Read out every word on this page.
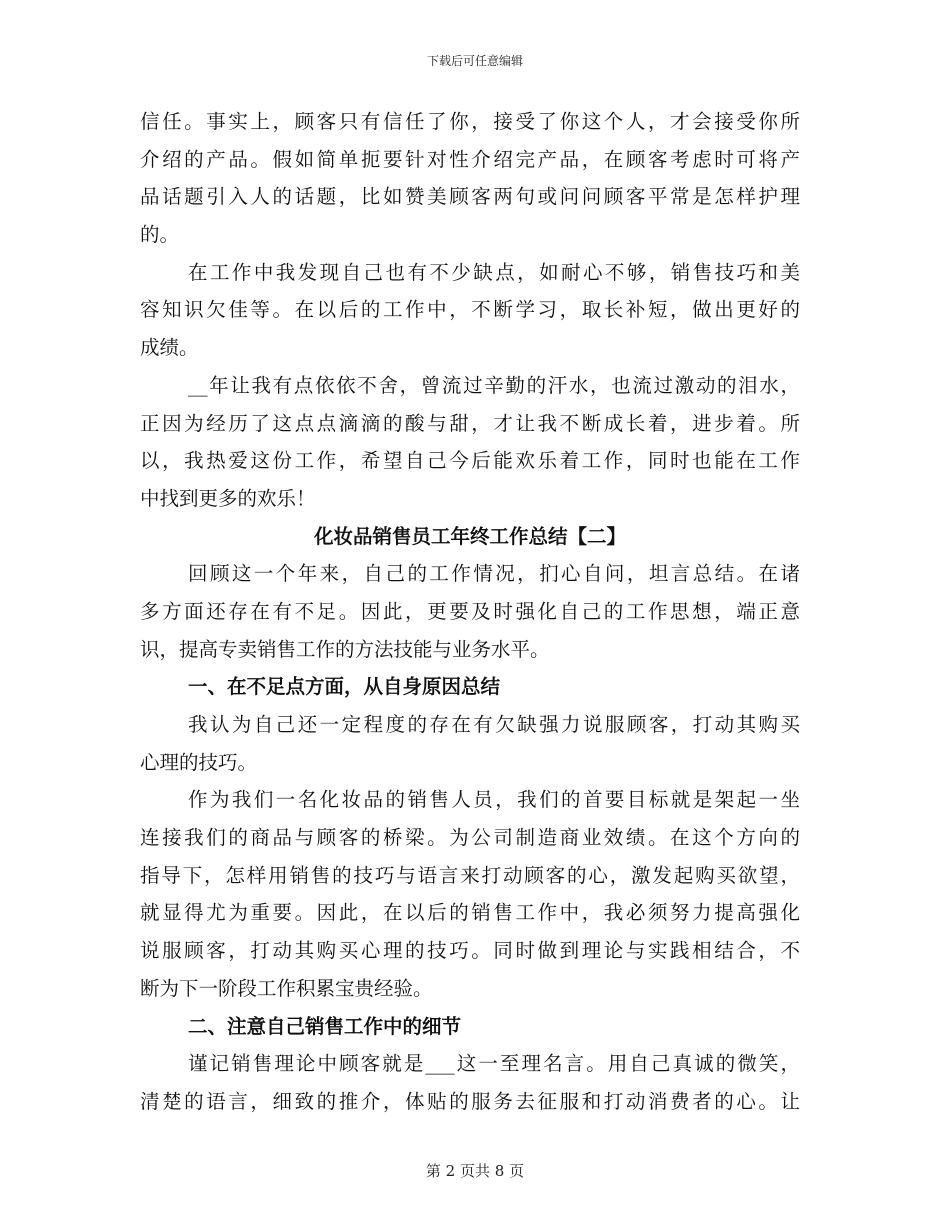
下载后可任意编辑
信任。事实上，顾客只有信任了你，接受了你这个人，才会接受你所
介绍的产品。假如简单扼要针对性介绍完产品，在顾客考虑时可将产
品话题引入人的话题，比如赞美顾客两句或问问顾客平常是怎样护理
的。
在工作中我发现自己也有不少缺点，如耐心不够，销售技巧和美
容知识欠佳等。在以后的工作中，不断学习，取长补短，做出更好的
成绩。
__年让我有点依依不舍，曾流过辛勤的汗水，也流过激动的泪水，
正因为经历了这点点滴滴的酸与甜，才让我不断成长着，进步着。所
以，我热爱这份工作，希望自己今后能欢乐着工作，同时也能在工作
中找到更多的欢乐！
化妆品销售员工年终工作总结【二】
回顾这一个年来，自己的工作情况，扪心自问，坦言总结。在诸
多方面还存在有不足。因此，更要及时强化自己的工作思想，端正意
识，提高专卖销售工作的方法技能与业务水平。
一、在不足点方面，从自身原因总结
我认为自己还一定程度的存在有欠缺强力说服顾客，打动其购买
心理的技巧。
作为我们一名化妆品的销售人员，我们的首要目标就是架起一坐
连接我们的商品与顾客的桥梁。为公司制造商业效绩。在这个方向的
指导下，怎样用销售的技巧与语言来打动顾客的心，激发起购买欲望，
就显得尤为重要。因此，在以后的销售工作中，我必须努力提高强化
说服顾客，打动其购买心理的技巧。同时做到理论与实践相结合，不
断为下一阶段工作积累宝贵经验。
二、注意自己销售工作中的细节
谨记销售理论中顾客就是___这一至理名言。用自己真诚的微笑，
清楚的语言，细致的推介，体贴的服务去征服和打动消费者的心。让
第 2 页共 8 页
